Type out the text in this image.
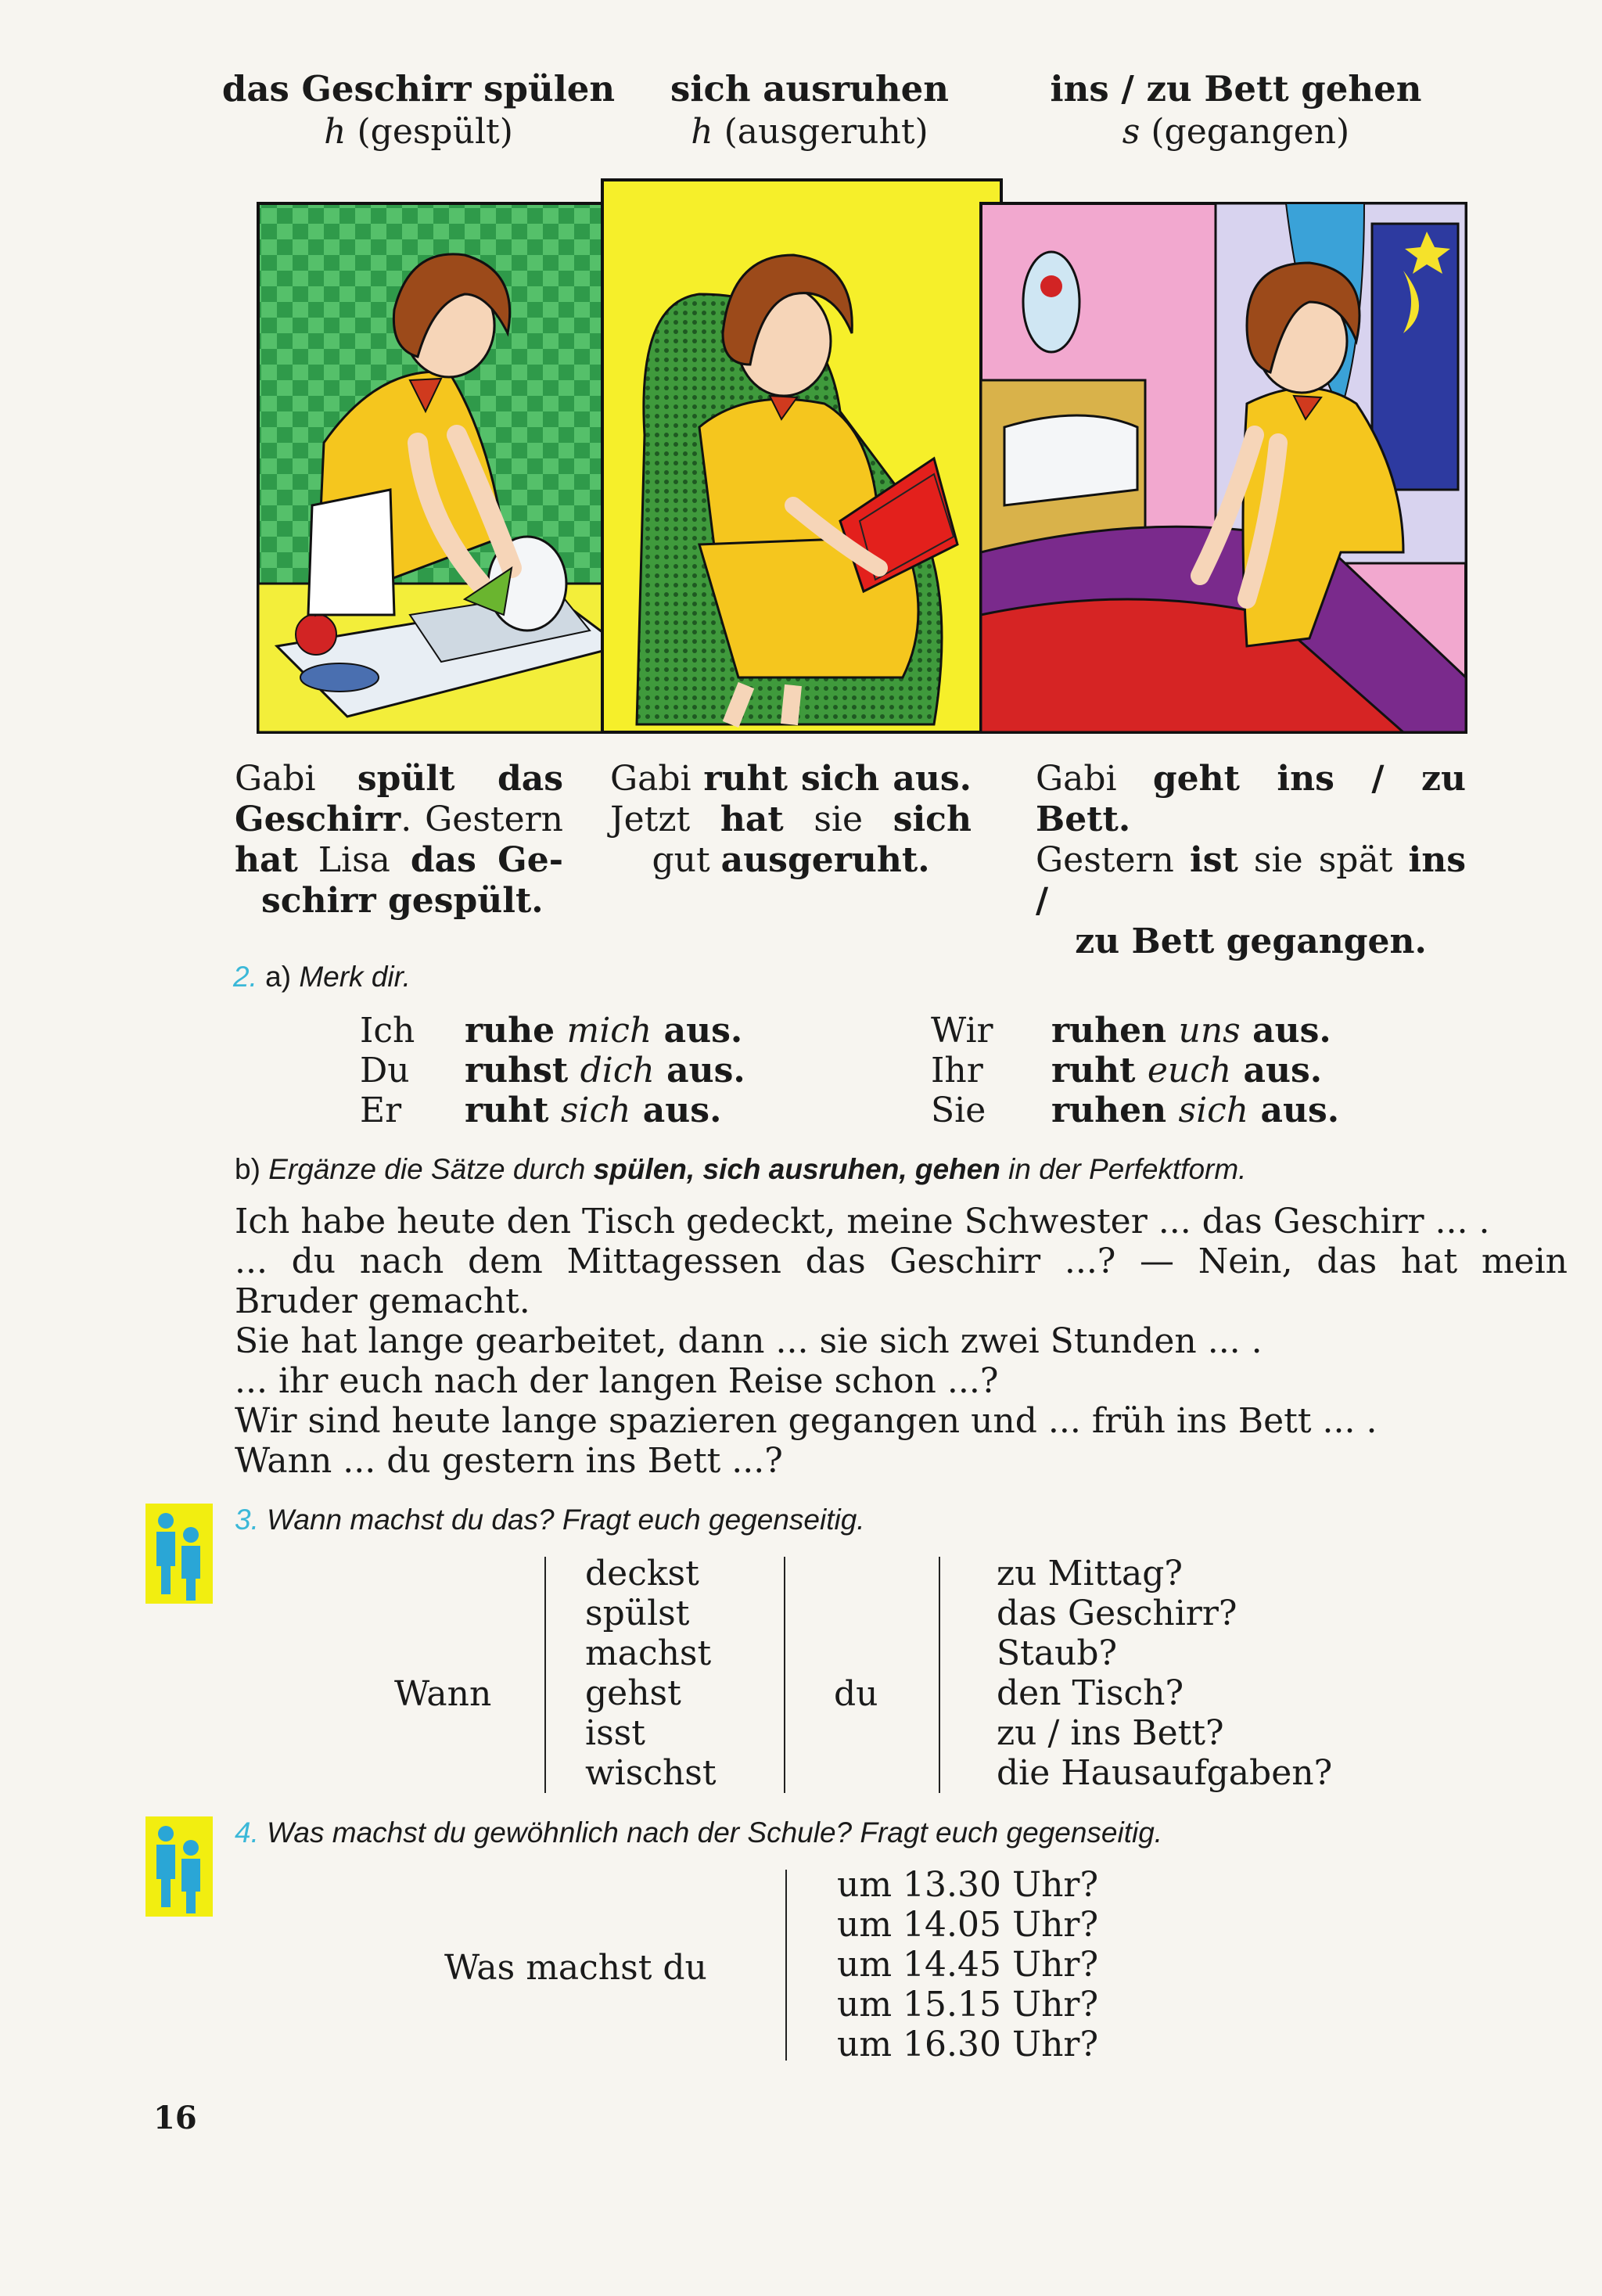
das Geschirr spülen
h (gespült)
sich ausruhen
h (ausgeruht)
ins / zu Bett gehen
s (gegangen)
Gabi spült das
Geschirr. Gestern
hat Lisa das Ge-
schirr gespült.
Gabi ruht sich aus.
Jetzt hat sie sich
gut ausgeruht.
Gabi geht ins / zu Bett.
Gestern ist sie spät ins /
zu Bett gegangen.
2. a) Merk dir.
Ich ruhe mich aus.
Du ruhst dich aus.
Er ruht sich aus.
Wir ruhen uns aus.
Ihr ruht euch aus.
Sie ruhen sich aus.
b) Ergänze die Sätze durch spülen, sich ausruhen, gehen in der Perfektform.
Ich habe heute den Tisch gedeckt, meine Schwester ... das Geschirr ... .
... du nach dem Mittagessen das Geschirr ...? — Nein, das hat mein
Bruder gemacht.
Sie hat lange gearbeitet, dann ... sie sich zwei Stunden ... .
... ihr euch nach der langen Reise schon ...?
Wir sind heute lange spazieren gegangen und ... früh ins Bett ... .
Wann ... du gestern ins Bett ...?
3. Wann machst du das? Fragt euch gegenseitig.
Wann
deckst
spülst
machst
gehst
isst
wischst
du
zu Mittag?
das Geschirr?
Staub?
den Tisch?
zu / ins Bett?
die Hausaufgaben?
4. Was machst du gewöhnlich nach der Schule? Fragt euch gegenseitig.
Was machst du
um 13.30 Uhr?
um 14.05 Uhr?
um 14.45 Uhr?
um 15.15 Uhr?
um 16.30 Uhr?
16
